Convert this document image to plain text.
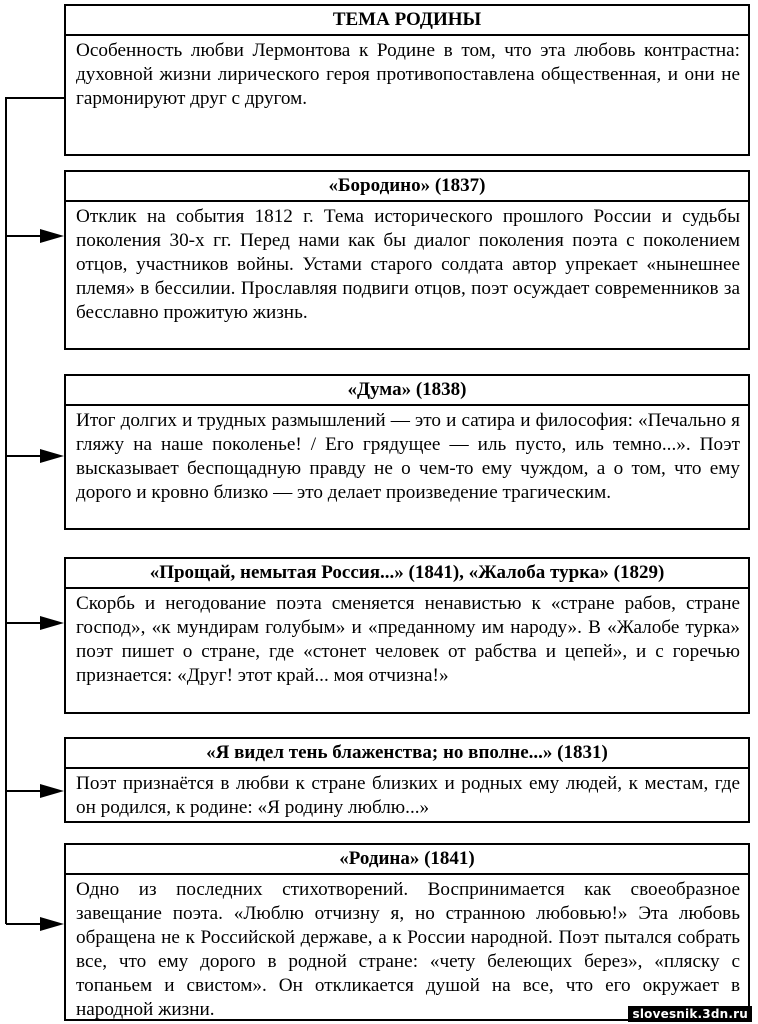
ТЕМА РОДИНЫ
Особенность любви Лермонтова к Родине в том, что эта любовь контрастна: духовной жизни лирического героя противопоставлена общественная, и они не гармонируют друг с другом.
«Бородино» (1837)
Отклик на события 1812 г. Тема исторического прошлого России и судьбы поколения 30-х гг. Перед нами как бы диалог поколения поэта с поколением отцов, участников войны. Устами старого солдата автор упрекает «нынешнее племя» в бессилии. Прославляя подвиги отцов, поэт осуждает современников за бесславно прожитую жизнь.
«Дума» (1838)
Итог долгих и трудных размышлений — это и сатира и философия: «Печально я гляжу на наше поколенье! / Его грядущее — иль пусто, иль темно...». Поэт высказывает беспощадную правду не о чем-то ему чуждом, а о том, что ему дорого и кровно близко — это делает произведение трагическим.
«Прощай, немытая Россия...» (1841), «Жалоба турка» (1829)
Скорбь и негодование поэта сменяется ненавистью к «стране рабов, стране господ», «к мундирам голубым» и «преданному им народу». В «Жалобе турка» поэт пишет о стране, где «стонет человек от рабства и цепей», и с горечью признается: «Друг! этот край... моя отчизна!»
«Я видел тень блаженства; но вполне...» (1831)
Поэт признаётся в любви к стране близких и родных ему людей, к местам, где он родился, к родине: «Я родину люблю...»
«Родина» (1841)
Одно из последних стихотворений. Воспринимается как своеобразное завещание поэта. «Люблю отчизну я, но странною любовью!» Эта любовь обращена не к Российской державе, а к России народной. Поэт пытался собрать все, что ему дорого в родной стране: «чету белеющих берез», «пляску с топаньем и свистом». Он откликается душой на все, что его окружает в народной жизни.	slovesnik.3dn.ru
